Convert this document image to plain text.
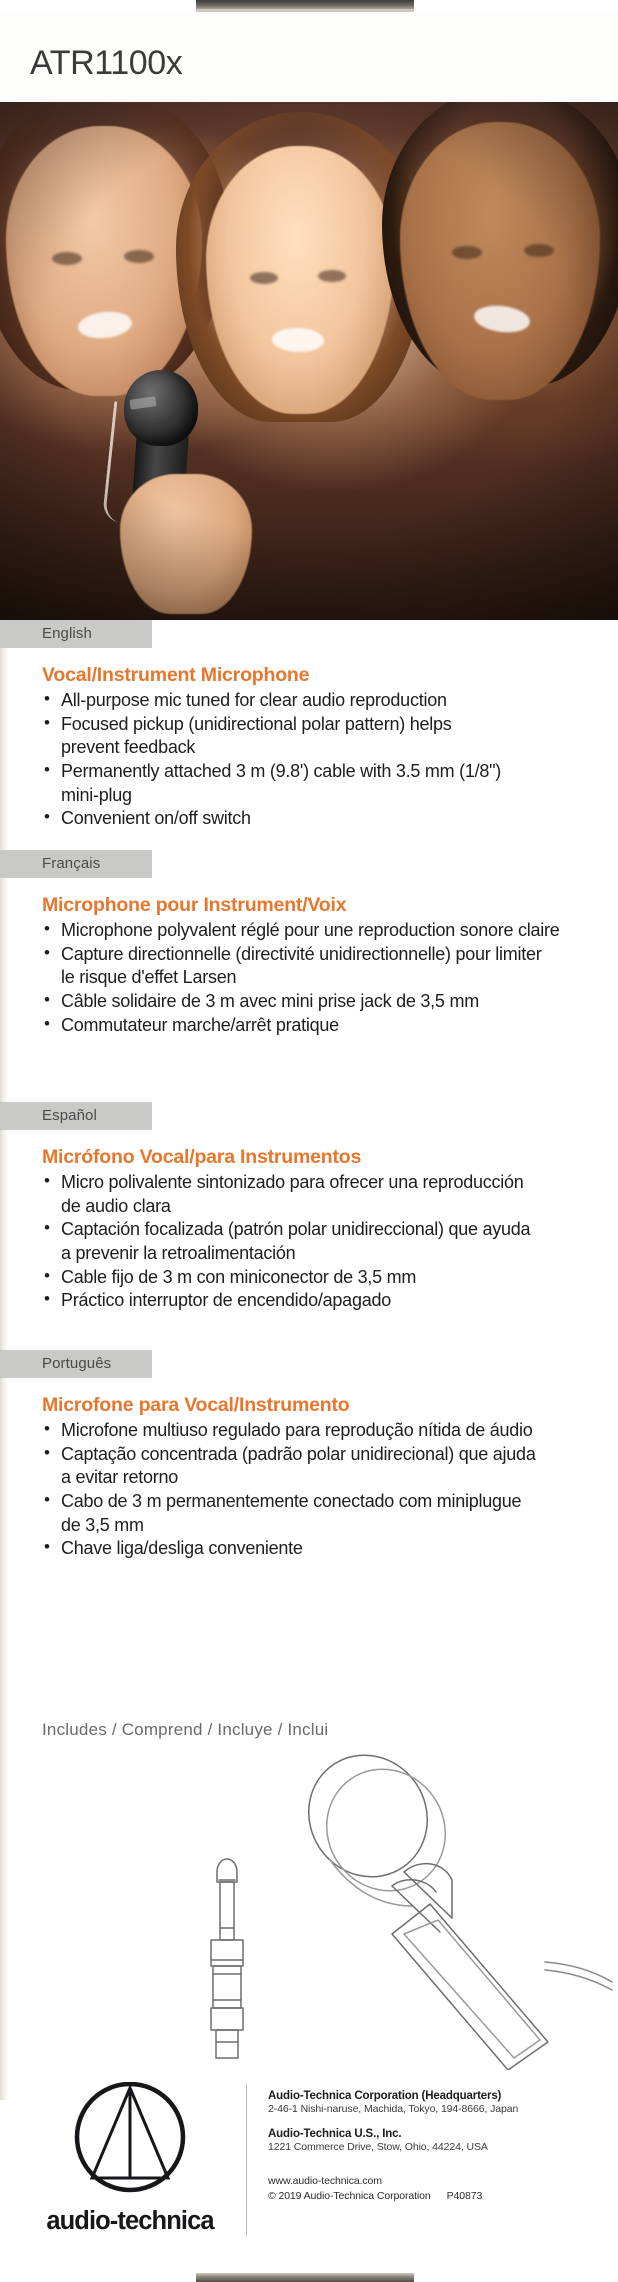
ATR1100x
English
Vocal/Instrument Microphone
• All-purpose mic tuned for clear audio reproduction
• Focused pickup (unidirectional polar pattern) helps
prevent feedback
• Permanently attached 3 m (9.8') cable with 3.5 mm (1/8")
mini-plug
• Convenient on/off switch
Français
Microphone pour Instrument/Voix
• Microphone polyvalent réglé pour une reproduction sonore claire
• Capture directionnelle (directivité unidirectionnelle) pour limiter
le risque d'effet Larsen
• Câble solidaire de 3 m avec mini prise jack de 3,5 mm
• Commutateur marche/arrêt pratique
Español
Micrófono Vocal/para Instrumentos
• Micro polivalente sintonizado para ofrecer una reproducción
de audio clara
• Captación focalizada (patrón polar unidireccional) que ayuda
a prevenir la retroalimentación
• Cable fijo de 3 m con miniconector de 3,5 mm
• Práctico interruptor de encendido/apagado
Português
Microfone para Vocal/Instrumento
• Microfone multiuso regulado para reprodução nítida de áudio
• Captação concentrada (padrão polar unidirecional) que ajuda
a evitar retorno
• Cabo de 3 m permanentemente conectado com miniplugue
de 3,5 mm
• Chave liga/desliga conveniente
Includes / Comprend / Incluye / Inclui
audio-technica

Audio-Technica Corporation (Headquarters)

2-46-1 Nishi-naruse, Machida, Tokyo, 194-8666, Japan

Audio-Technica U.S., Inc.

1221 Commerce Drive, Stow, Ohio, 44224, USA

www.audio-technica.com
© 2019 Audio-Technica Corporation P40873
